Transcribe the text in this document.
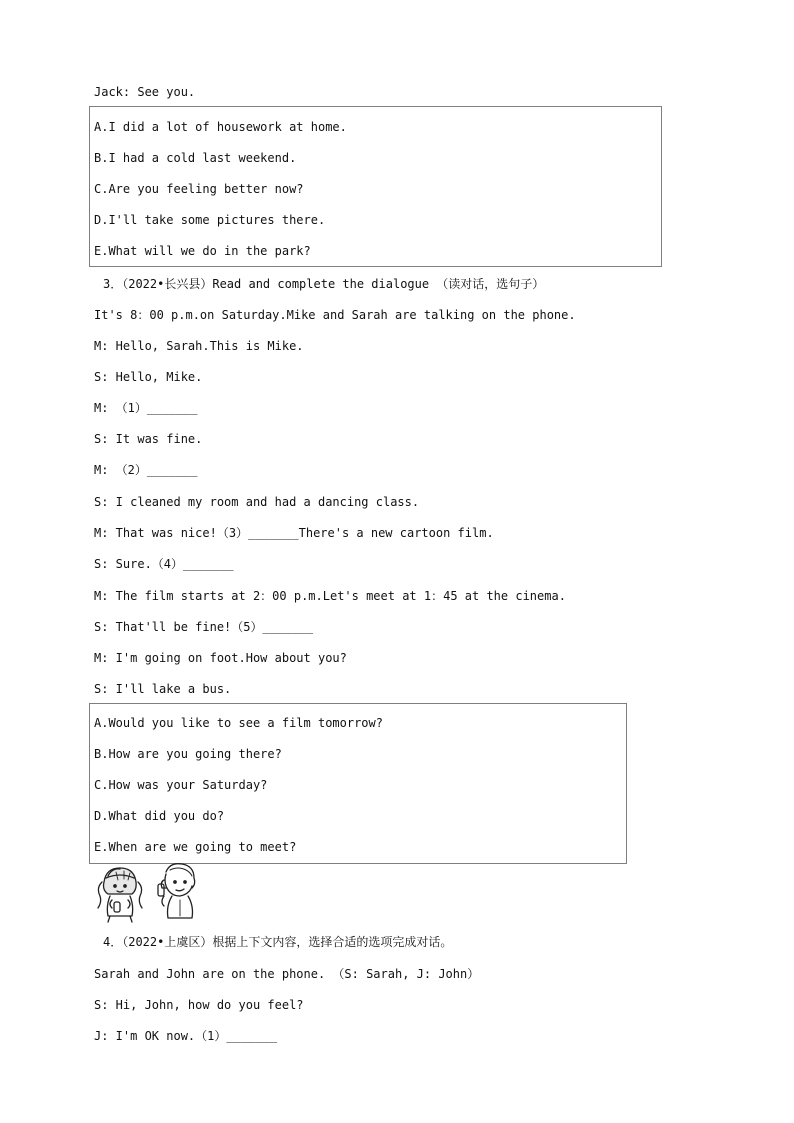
Jack: See you.
A.I did a lot of housework at home.
B.I had a cold last weekend.
C.Are you feeling better now?
D.I'll take some pictures there.
E.What will we do in the park?
3．（2022•长兴县）Read and complete the dialogue （读对话，选句子）
It's 8：00 p.m.on Saturday.Mike and Sarah are talking on the phone.
M: Hello, Sarah.This is Mike.
S: Hello, Mike.
M: （1）_______
S: It was fine.
M: （2）_______
S: I cleaned my room and had a dancing class.
M: That was nice!（3）_______There's a new cartoon film.
S: Sure.（4）_______
M: The film starts at 2：00 p.m.Let's meet at 1：45 at the cinema.
S: That'll be fine!（5）_______
M: I'm going on foot.How about you?
S: I'll lake a bus.
A.Would you like to see a film tomorrow?
B.How are you going there?
C.How was your Saturday?
D.What did you do?
E.When are we going to meet?
4．（2022•上虞区）根据上下文内容，选择合适的选项完成对话。
Sarah and John are on the phone. （S: Sarah, J: John）
S: Hi, John, how do you feel?
J: I'm OK now.（1）_______
